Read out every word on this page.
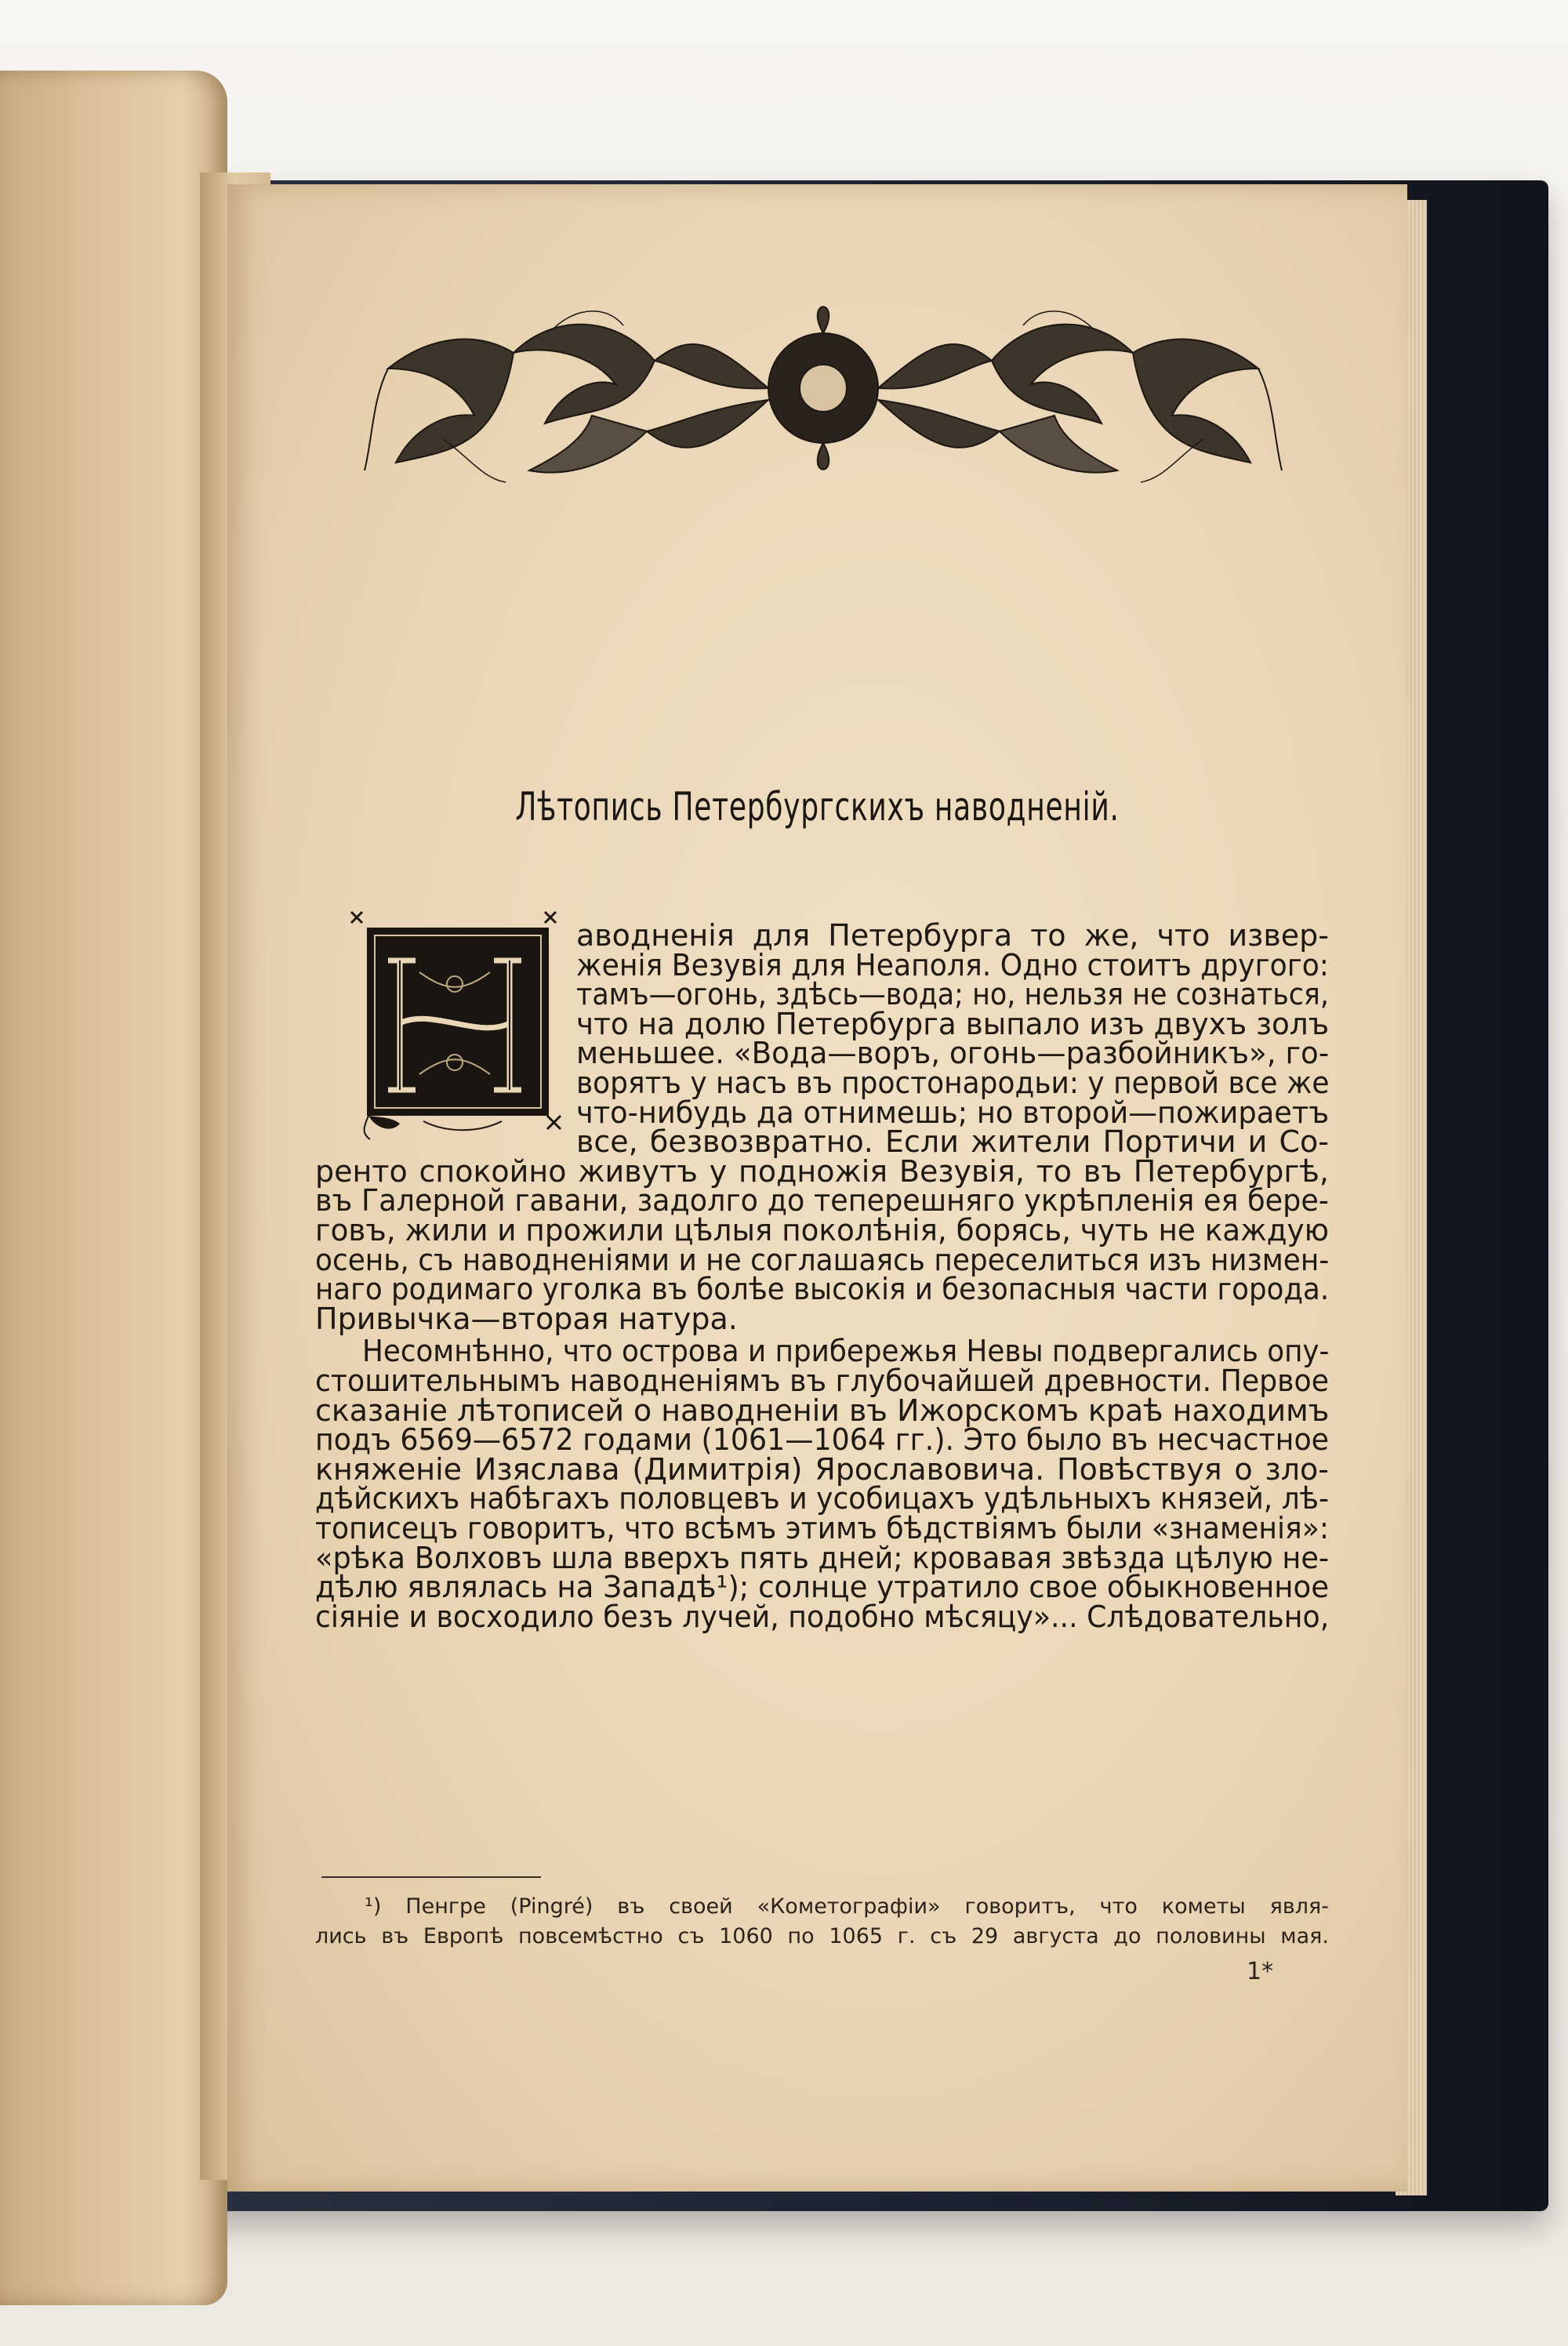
Лѣтопись Петербургскихъ наводненій.
аводненія для Петербурга то же, что извер-
женія Везувія для Неаполя. Одно стоитъ другого:
тамъ—огонь, здѣсь—вода; но, нельзя не сознаться,
что на долю Петербурга выпало изъ двухъ золъ
меньшее. «Вода—воръ, огонь—разбойникъ», го-
ворятъ у насъ въ простонародьи: у первой все же
что-нибудь да отнимешь; но второй—пожираетъ
все, безвозвратно. Если жители Портичи и Со-
ренто спокойно живутъ у подножія Везувія, то въ Петербургѣ,
въ Галерной гавани, задолго до теперешняго укрѣпленія ея бере-
говъ, жили и прожили цѣлыя поколѣнія, борясь, чуть не каждую
осень, съ наводненіями и не соглашаясь переселиться изъ низмен-
наго родимаго уголка въ болѣе высокія и безопасныя части города.
Привычка—вторая натура.
Несомнѣнно, что острова и прибережья Невы подвергались опу-
стошительнымъ наводненіямъ въ глубочайшей древности. Первое
сказаніе лѣтописей о наводненіи въ Ижорскомъ краѣ находимъ
подъ 6569—6572 годами (1061—1064 гг.). Это было въ несчастное
княженіе Изяслава (Димитрія) Ярославовича. Повѣствуя о зло-
дѣйскихъ набѣгахъ половцевъ и усобицахъ удѣльныхъ князей, лѣ-
тописецъ говоритъ, что всѣмъ этимъ бѣдствіямъ были «знаменія»:
«рѣка Волховъ шла вверхъ пять дней; кровавая звѣзда цѣлую не-
дѣлю являлась на Западѣ¹); солнце утратило свое обыкновенное
сіяніе и восходило безъ лучей, подобно мѣсяцу»... Слѣдовательно,
¹) Пенгре (Pingré) въ своей «Кометографіи» говоритъ, что кометы явля-
лись въ Европѣ повсемѣстно съ 1060 по 1065 г. съ 29 августа до половины мая.
1*
